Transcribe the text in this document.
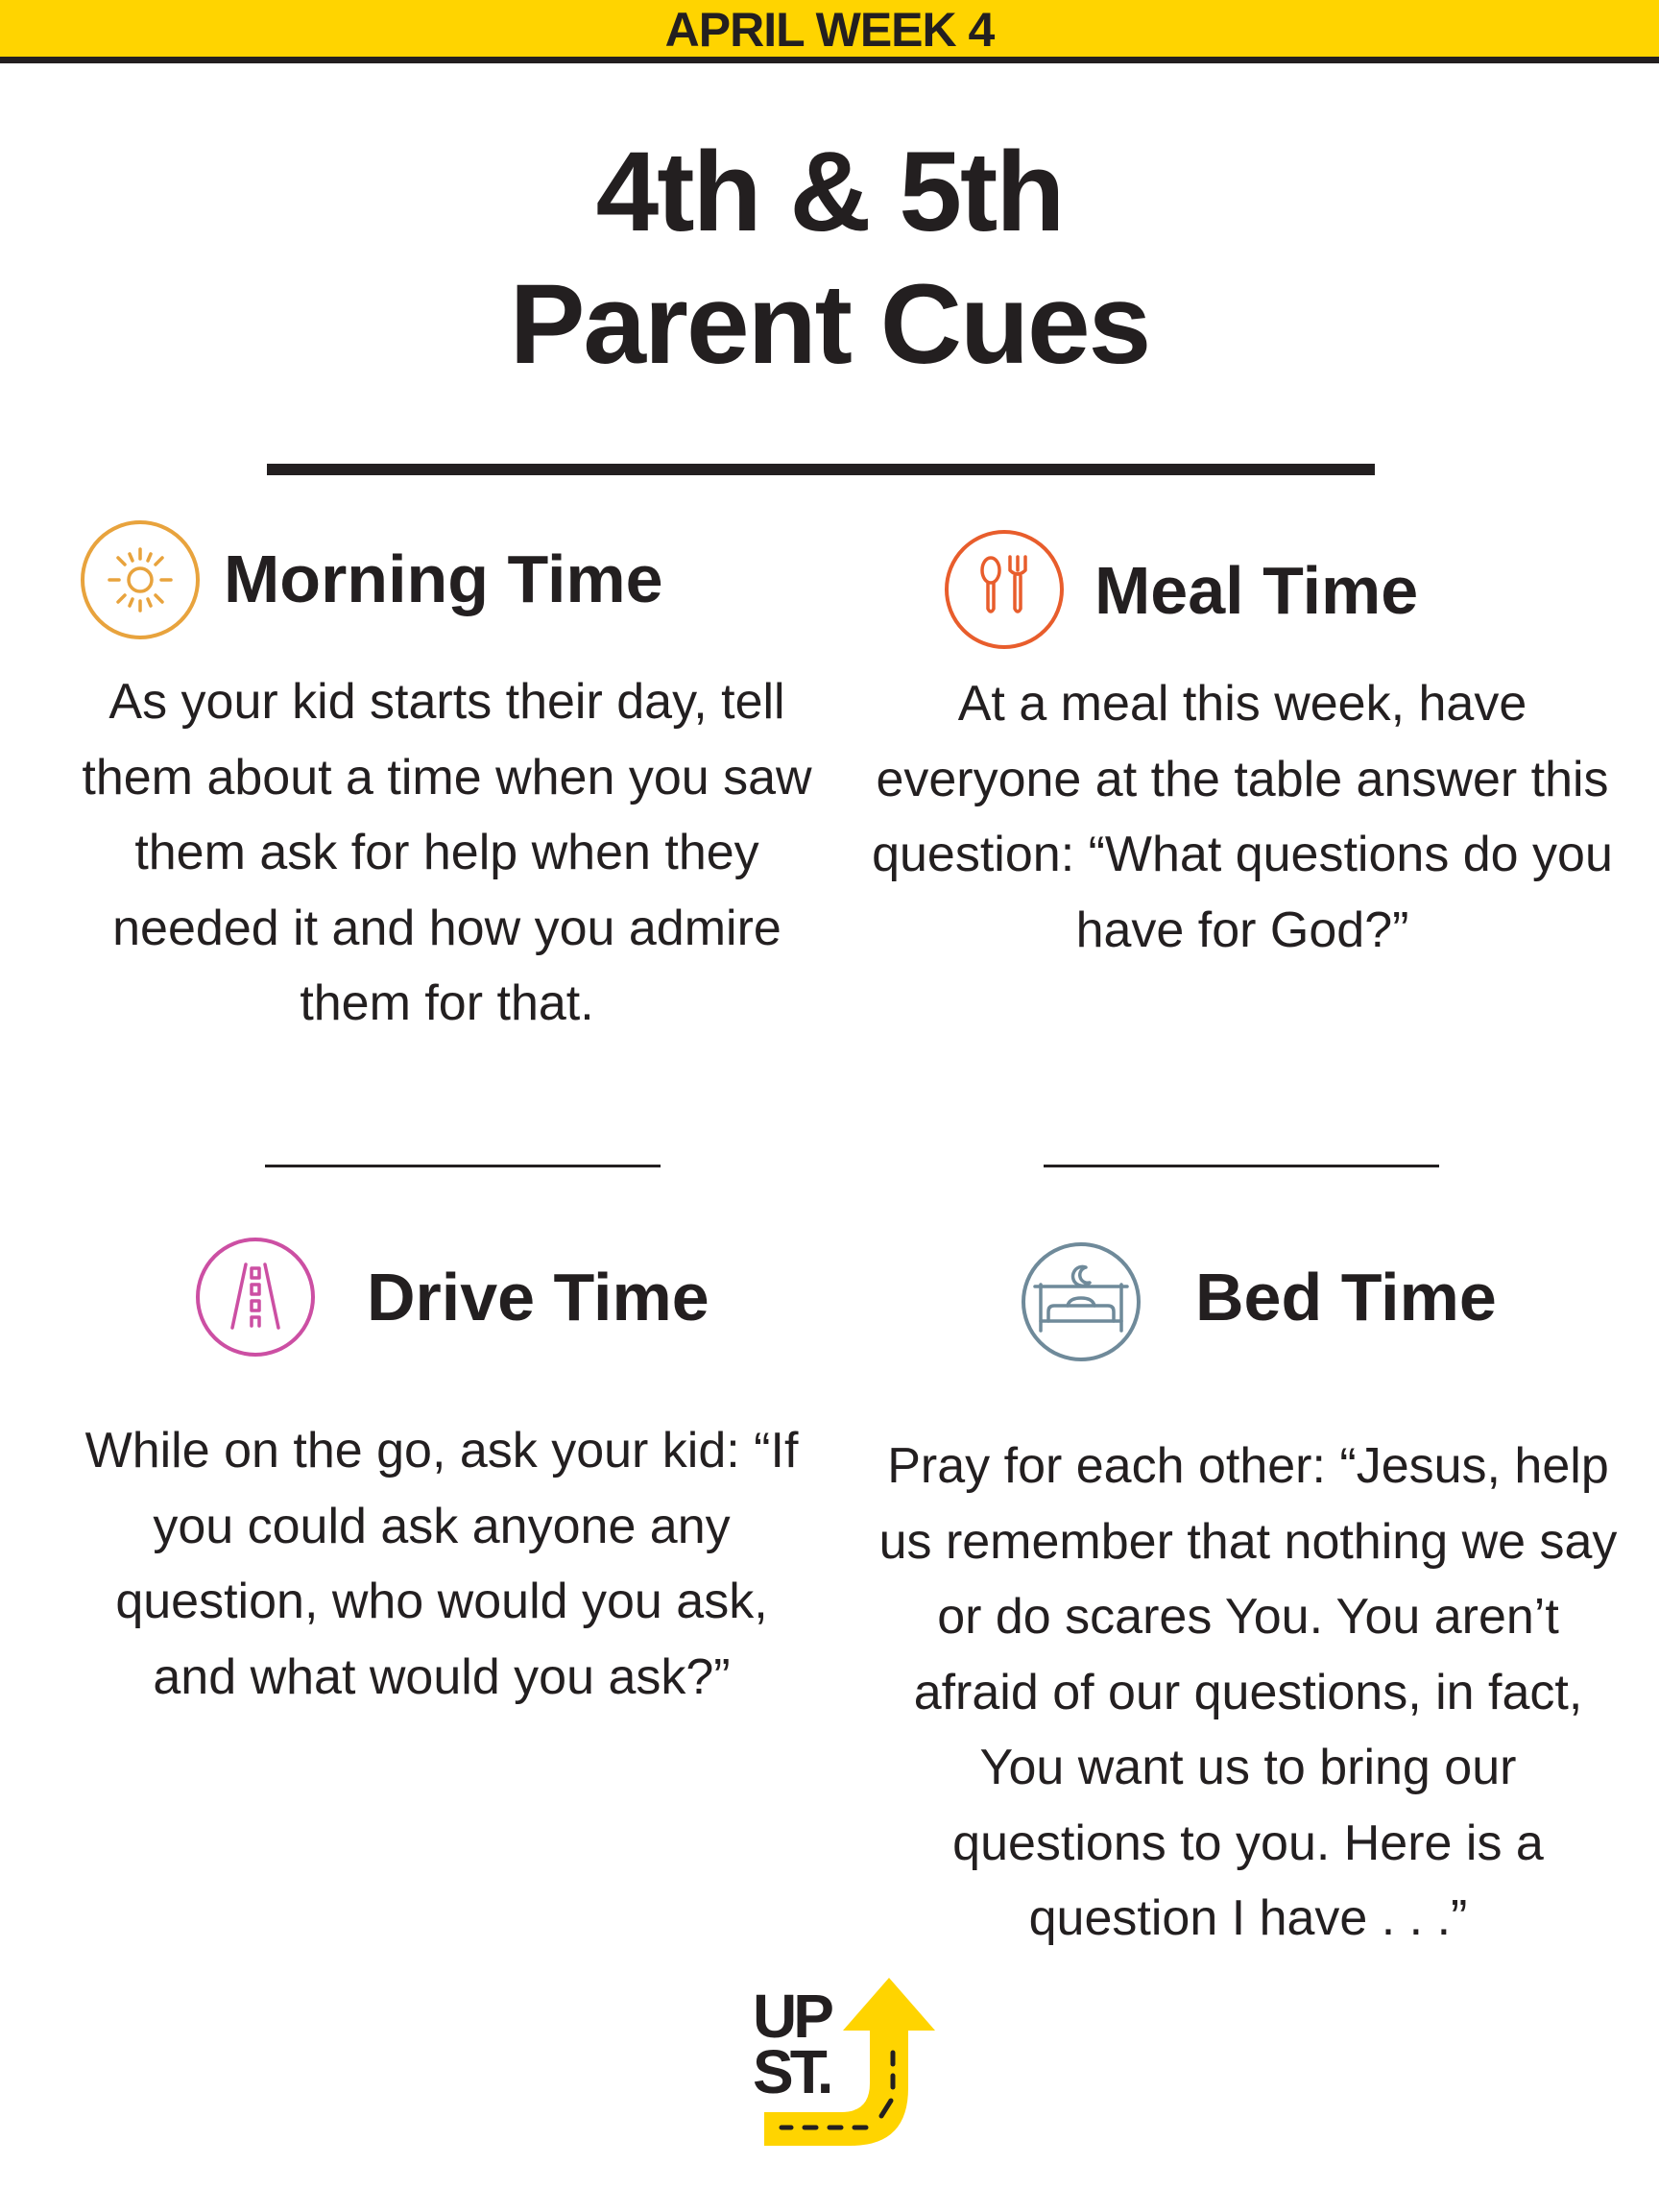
APRIL WEEK 4
4th & 5th
Parent Cues
Morning Time
As your kid starts their day, tell them about a time when you saw them ask for help when they needed it and how you admire them for that.
Meal Time
At a meal this week, have everyone at the table answer this question: “What questions do you have for God?”
Drive Time
While on the go, ask your kid: “If you could ask anyone any question, who would you ask, and what would you ask?”
Bed Time
Pray for each other: “Jesus, help us remember that nothing we say or do scares You. You aren’t afraid of our questions, in fact, You want us to bring our questions to you. Here is a question I have . . .”
UP
ST.
